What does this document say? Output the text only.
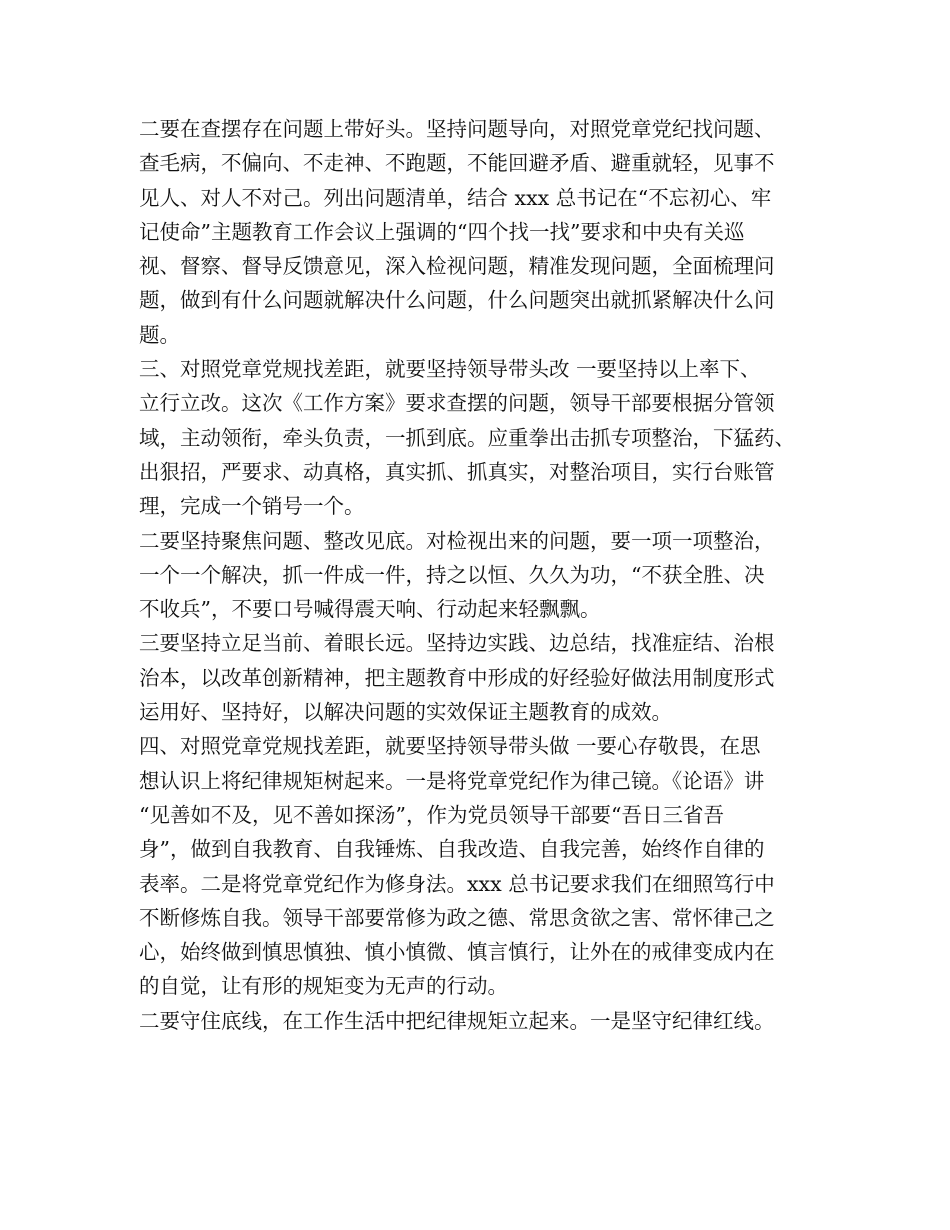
二要在查摆存在问题上带好头。坚持问题导向，对照党章党纪找问题、
查毛病，不偏向、不走神、不跑题，不能回避矛盾、避重就轻，见事不
见人、对人不对己。列出问题清单，结合 xxx 总书记在“不忘初心、牢
记使命”主题教育工作会议上强调的“四个找一找”要求和中央有关巡
视、督察、督导反馈意见，深入检视问题，精准发现问题，全面梳理问
题，做到有什么问题就解决什么问题，什么问题突出就抓紧解决什么问
题。
三、对照党章党规找差距，就要坚持领导带头改 一要坚持以上率下、
立行立改。这次《工作方案》要求查摆的问题，领导干部要根据分管领
域，主动领衔，牵头负责，一抓到底。应重拳出击抓专项整治，下猛药、
出狠招，严要求、动真格，真实抓、抓真实，对整治项目，实行台账管
理，完成一个销号一个。
二要坚持聚焦问题、整改见底。对检视出来的问题，要一项一项整治，
一个一个解决，抓一件成一件，持之以恒、久久为功，“不获全胜、决
不收兵”，不要口号喊得震天响、行动起来轻飘飘。
三要坚持立足当前、着眼长远。坚持边实践、边总结，找准症结、治根
治本，以改革创新精神，把主题教育中形成的好经验好做法用制度形式
运用好、坚持好，以解决问题的实效保证主题教育的成效。
四、对照党章党规找差距，就要坚持领导带头做 一要心存敬畏，在思
想认识上将纪律规矩树起来。一是将党章党纪作为律己镜。《论语》讲
“见善如不及，见不善如探汤”，作为党员领导干部要“吾日三省吾
身”，做到自我教育、自我锤炼、自我改造、自我完善，始终作自律的
表率。二是将党章党纪作为修身法。xxx 总书记要求我们在细照笃行中
不断修炼自我。领导干部要常修为政之德、常思贪欲之害、常怀律己之
心，始终做到慎思慎独、慎小慎微、慎言慎行，让外在的戒律变成内在
的自觉，让有形的规矩变为无声的行动。
二要守住底线，在工作生活中把纪律规矩立起来。一是坚守纪律红线。
